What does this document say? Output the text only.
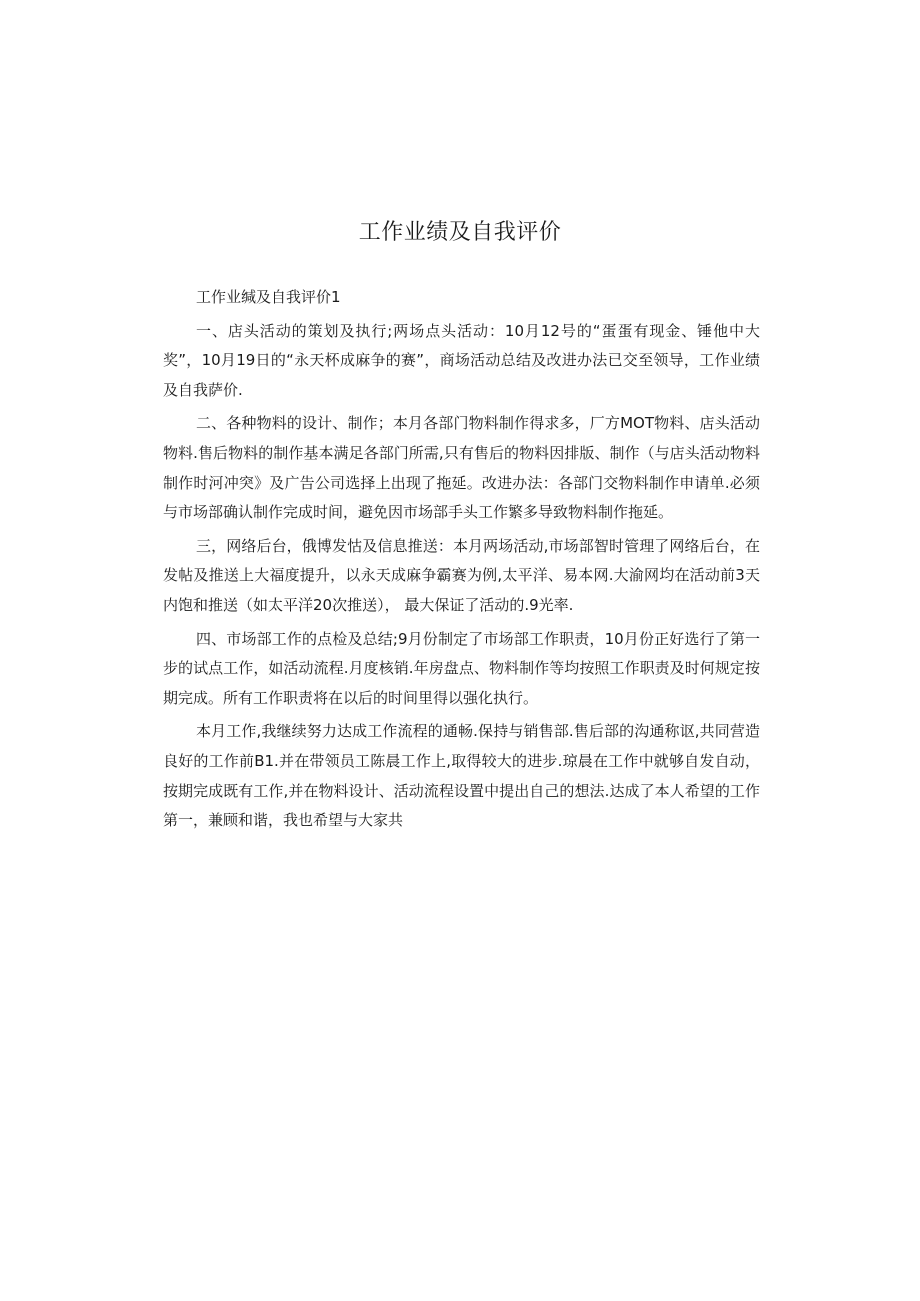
工作业绩及自我评价

工作业缄及自我评价1

一、店头活动的策划及执行;两场点头活动：10月12号的“蛋蛋有现金、锤他中大奖”，10月19日的“永天杯成麻争的赛”，商场活动总结及改进办法已交至领导，工作业绩及自我萨价.

二、各种物料的设计、制作；本月各部门物料制作得求多，厂方MOT物料、店头活动物料.售后物料的制作基本满足各部门所需,只有售后的物料因排版、制作（与店头活动物料制作时河冲突》及广告公司选择上出现了拖延。改进办法：各部门交物料制作申请单.必须与市场部确认制作完成时间，避免因市场部手头工作繁多导致物料制作拖延。

三，网络后台，俄博发怙及信息推送：本月两场活动,市场部智时管理了网络后台，在发帖及推送上大福度提升，以永天成麻争霸赛为例,太平洋、易本网.大渝网均在活动前3天内饱和推送（如太平洋20次推送）， 最大保证了活动的.9光率.

四、市场部工作的点检及总结;9月份制定了市场部工作职责，10月份正好选行了第一步的试点工作，如活动流程.月度核销.年房盘点、物料制作等均按照工作职责及时何规定按期完成。所有工作职责将在以后的时间里得以强化执行。

本月工作,我继续努力达成工作流程的通畅.保持与销售部.售后部的沟通称讴,共同营造良好的工作前B1.并在带领员工陈晨工作上,取得较大的进步.琼晨在工作中就够自发自动，按期完成既有工作,并在物料设计、活动流程设置中提出自己的想法.达成了本人希望的工作第一，兼顾和谐，我也希望与大家共
